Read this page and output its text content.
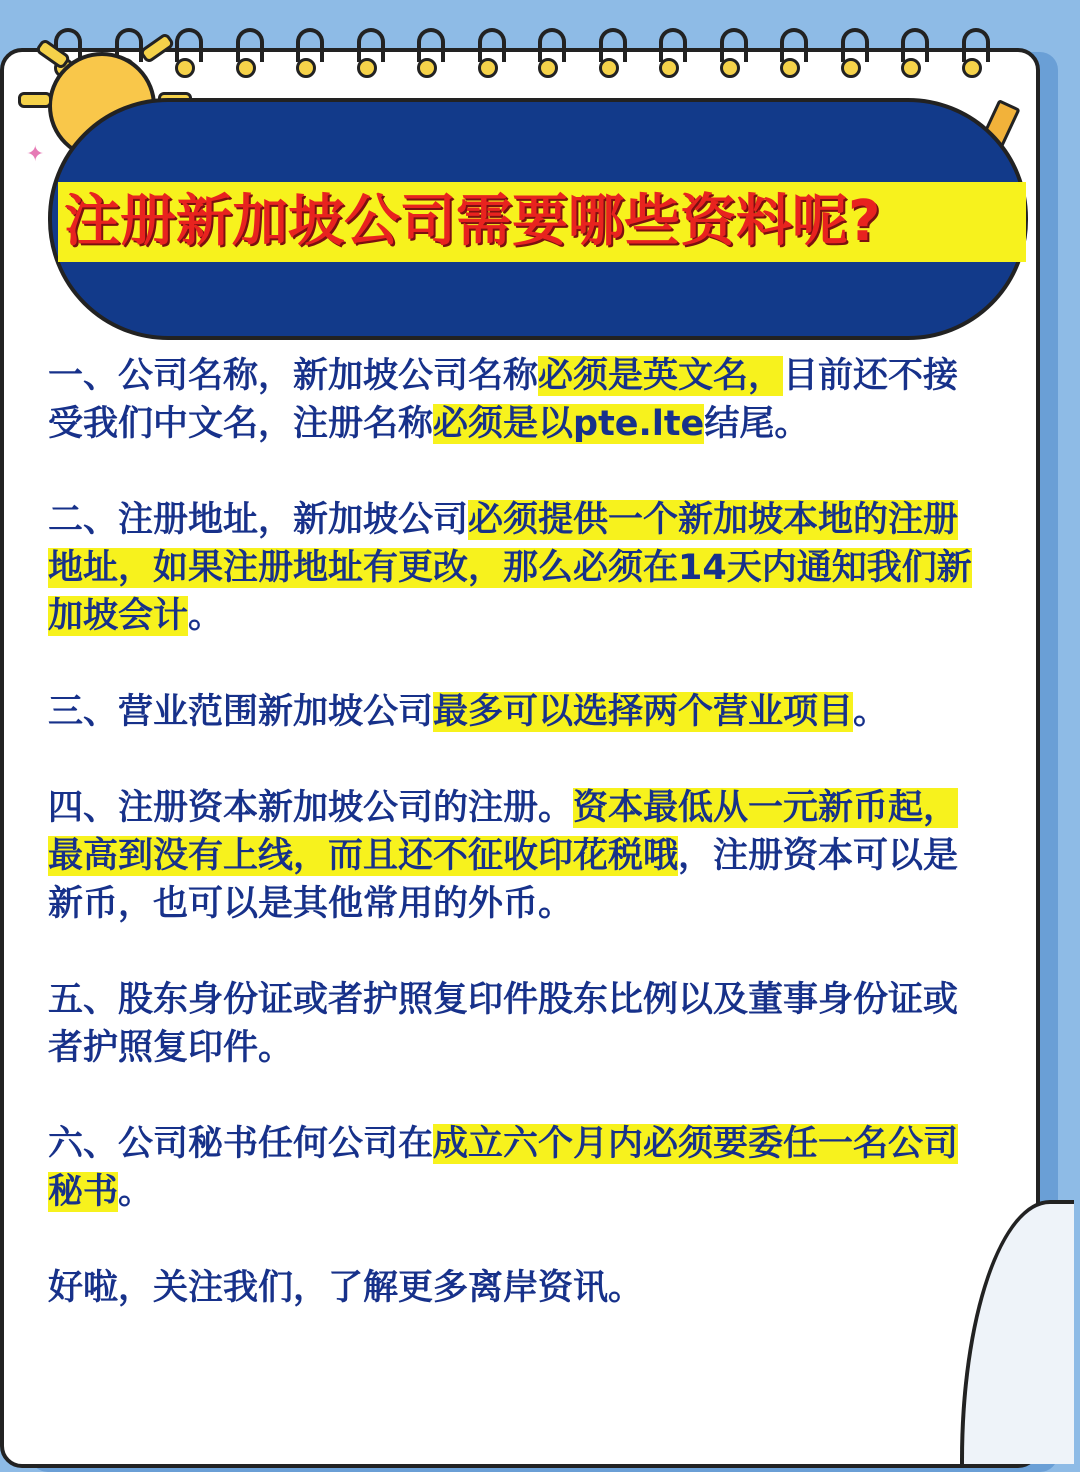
✦
注册新加坡公司需要哪些资料呢?
一、公司名称，新加坡公司名称必须是英文名，目前还不接受我们中文名，注册名称必须是以pte.lte结尾。
二、注册地址，新加坡公司必须提供一个新加坡本地的注册地址，如果注册地址有更改，那么必须在14天内通知我们新加坡会计。
三、营业范围新加坡公司最多可以选择两个营业项目。
四、注册资本新加坡公司的注册。资本最低从一元新币起，最高到没有上线，而且还不征收印花税哦，注册资本可以是新币，也可以是其他常用的外币。
五、股东身份证或者护照复印件股东比例以及董事身份证或者护照复印件。
六、公司秘书任何公司在成立六个月内必须要委任一名公司秘书。
好啦，关注我们，了解更多离岸资讯。
